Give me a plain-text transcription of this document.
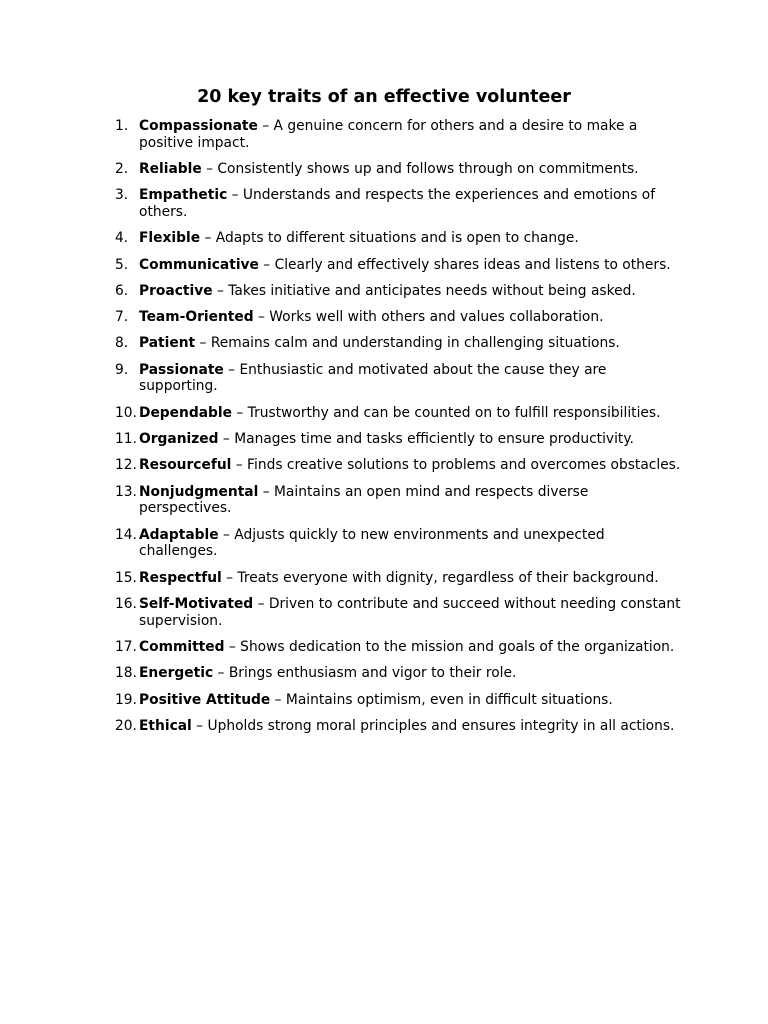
20 key traits of an effective volunteer
1. Compassionate – A genuine concern for others and a desire to make a positive impact.
2. Reliable – Consistently shows up and follows through on commitments.
3. Empathetic – Understands and respects the experiences and emotions of others.
4. Flexible – Adapts to different situations and is open to change.
5. Communicative – Clearly and effectively shares ideas and listens to others.
6. Proactive – Takes initiative and anticipates needs without being asked.
7. Team-Oriented – Works well with others and values collaboration.
8. Patient – Remains calm and understanding in challenging situations.
9. Passionate – Enthusiastic and motivated about the cause they are supporting.
10. Dependable – Trustworthy and can be counted on to fulfill responsibilities.
11. Organized – Manages time and tasks efficiently to ensure productivity.
12. Resourceful – Finds creative solutions to problems and overcomes obstacles.
13. Nonjudgmental – Maintains an open mind and respects diverse perspectives.
14. Adaptable – Adjusts quickly to new environments and unexpected challenges.
15. Respectful – Treats everyone with dignity, regardless of their background.
16. Self-Motivated – Driven to contribute and succeed without needing constant supervision.
17. Committed – Shows dedication to the mission and goals of the organization.
18. Energetic – Brings enthusiasm and vigor to their role.
19. Positive Attitude – Maintains optimism, even in difficult situations.
20. Ethical – Upholds strong moral principles and ensures integrity in all actions.
